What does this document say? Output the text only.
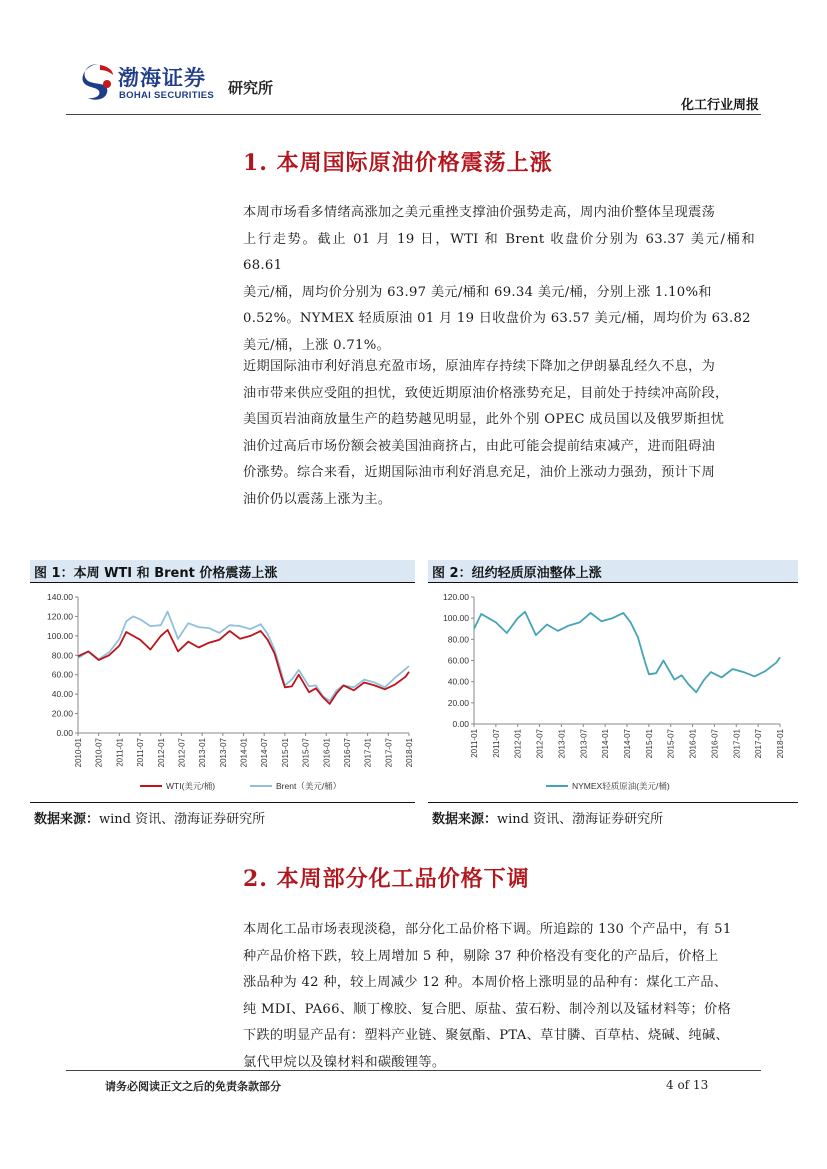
渤海证券
BOHAI SECURITIES 研究所
化工行业周报
1. 本周国际原油价格震荡上涨
本周市场看多情绪高涨加之美元重挫支撑油价强势走高，周内油价整体呈现震荡
上行走势。截止 01 月 19 日，WTI 和 Brent 收盘价分别为 63.37 美元/桶和 68.61
美元/桶，周均价分别为 63.97 美元/桶和 69.34 美元/桶，分别上涨 1.10%和
0.52%。NYMEX 轻质原油 01 月 19 日收盘价为 63.57 美元/桶，周均价为 63.82
美元/桶，上涨 0.71%。
近期国际油市利好消息充盈市场，原油库存持续下降加之伊朗暴乱经久不息，为
油市带来供应受阻的担忧，致使近期原油价格涨势充足，目前处于持续冲高阶段，
美国页岩油商放量生产的趋势越见明显，此外个别 OPEC 成员国以及俄罗斯担忧
油价过高后市场份额会被美国油商挤占，由此可能会提前结束减产，进而阻碍油
价涨势。综合来看，近期国际油市利好消息充足，油价上涨动力强劲，预计下周
油价仍以震荡上涨为主。
图 1：本周 WTI 和 Brent 价格震荡上涨
0.00
20.00
40.00
60.00
80.00
100.00
120.00
140.00
2010-01 2010-07 2011-01 2011-07 2012-01 2012-07 2013-01 2013-07 2014-01 2014-07 2015-01 2015-07 2016-01 2016-07 2017-01 2017-07 2018-01
WTI(美元/桶)	Brent（美元/桶）
数据来源：wind 资讯、渤海证券研究所
图 2：纽约轻质原油整体上涨
0.00
20.00
40.00
60.00
80.00
100.00
120.00
2011-01 2011-07 2012-01 2012-07 2013-01 2013-07 2014-01 2014-07 2015-01 2015-07 2016-01 2016-07 2017-01 2017-07 2018-01
NYMEX轻质原油(美元/桶)
数据来源：wind 资讯、渤海证券研究所
2. 本周部分化工品价格下调
本周化工品市场表现淡稳，部分化工品价格下调。所追踪的 130 个产品中，有 51
种产品价格下跌，较上周增加 5 种，剔除 37 种价格没有变化的产品后，价格上
涨品种为 42 种，较上周减少 12 种。本周价格上涨明显的品种有：煤化工产品、
纯 MDI、PA66、顺丁橡胶、复合肥、原盐、萤石粉、制冷剂以及锰材料等；价格
下跌的明显产品有：塑料产业链、聚氨酯、PTA、草甘膦、百草枯、烧碱、纯碱、
氯代甲烷以及镍材料和碳酸锂等。
请务必阅读正文之后的免责条款部分	4 of 13
